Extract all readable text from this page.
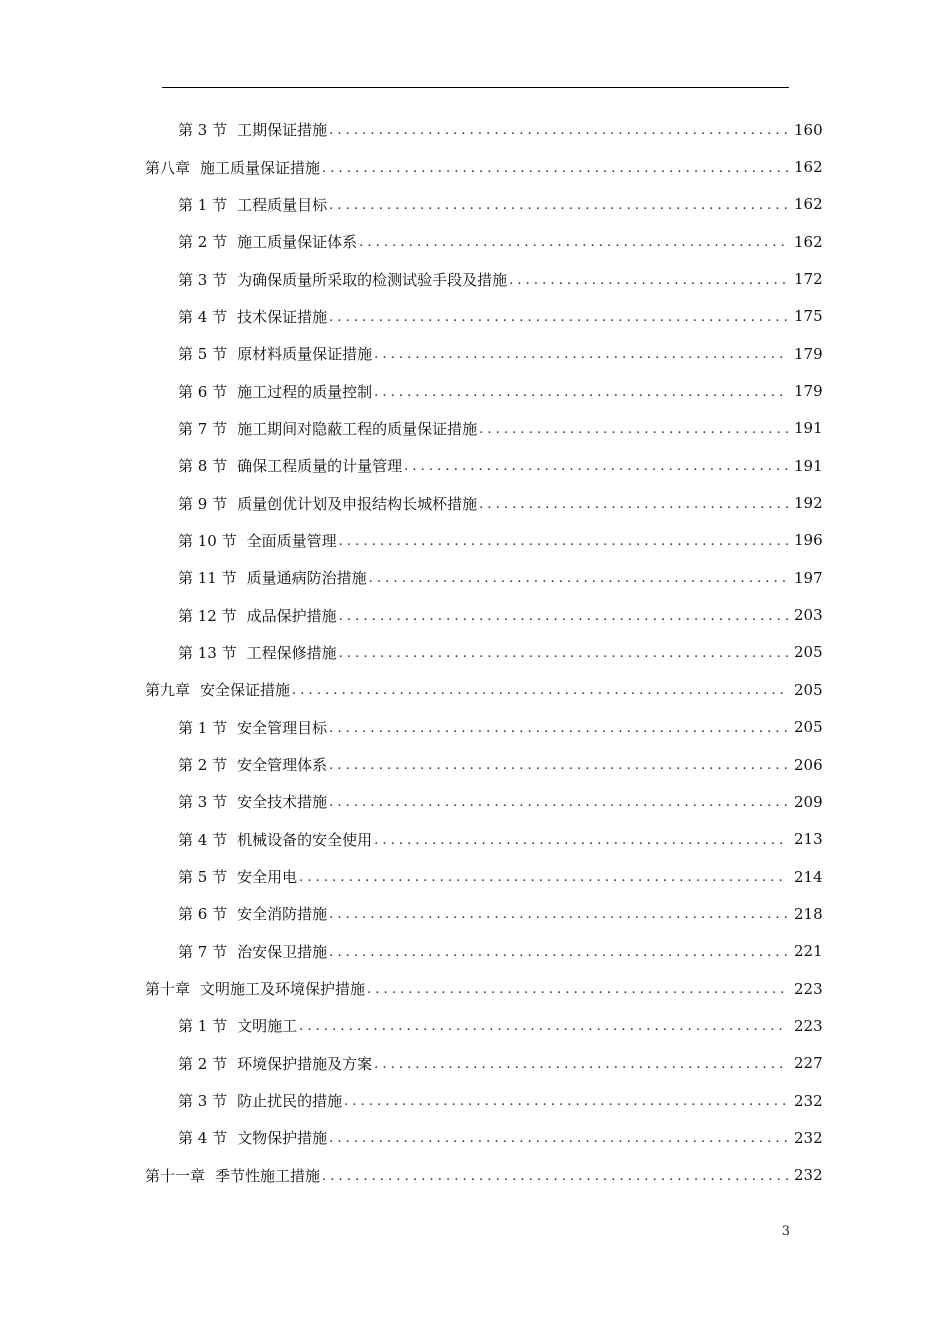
第 3 节 工期保证措施 . . .	160
第八章 施工质量保证措施 . . .	162
第 1 节 工程质量目标 . . .	162
第 2 节 施工质量保证体系 . . .	162
第 3 节 为确保质量所采取的检测试验手段及措施 . . .	172
第 4 节 技术保证措施 . . .	175
第 5 节 原材料质量保证措施 . . .	179
第 6 节 施工过程的质量控制 . . .	179
第 7 节 施工期间对隐蔽工程的质量保证措施 . . .	191
第 8 节 确保工程质量的计量管理 . . .	191
第 9 节 质量创优计划及申报结构长城杯措施 . . .	192
第 10 节 全面质量管理 . . .	196
第 11 节 质量通病防治措施 . . .	197
第 12 节 成品保护措施 . . .	203
第 13 节 工程保修措施 . . .	205
第九章 安全保证措施 . . .	205
第 1 节 安全管理目标 . . .	205
第 2 节 安全管理体系 . . .	206
第 3 节 安全技术措施 . . .	209
第 4 节 机械设备的安全使用 . . .	213
第 5 节 安全用电 . . .	214
第 6 节 安全消防措施 . . .	218
第 7 节 治安保卫措施 . . .	221
第十章 文明施工及环境保护措施 . . .	223
第 1 节 文明施工 . . .	223
第 2 节 环境保护措施及方案 . . .	227
第 3 节 防止扰民的措施 . . .	232
第 4 节 文物保护措施 . . .	232
第十一章 季节性施工措施 . . .	232
3
